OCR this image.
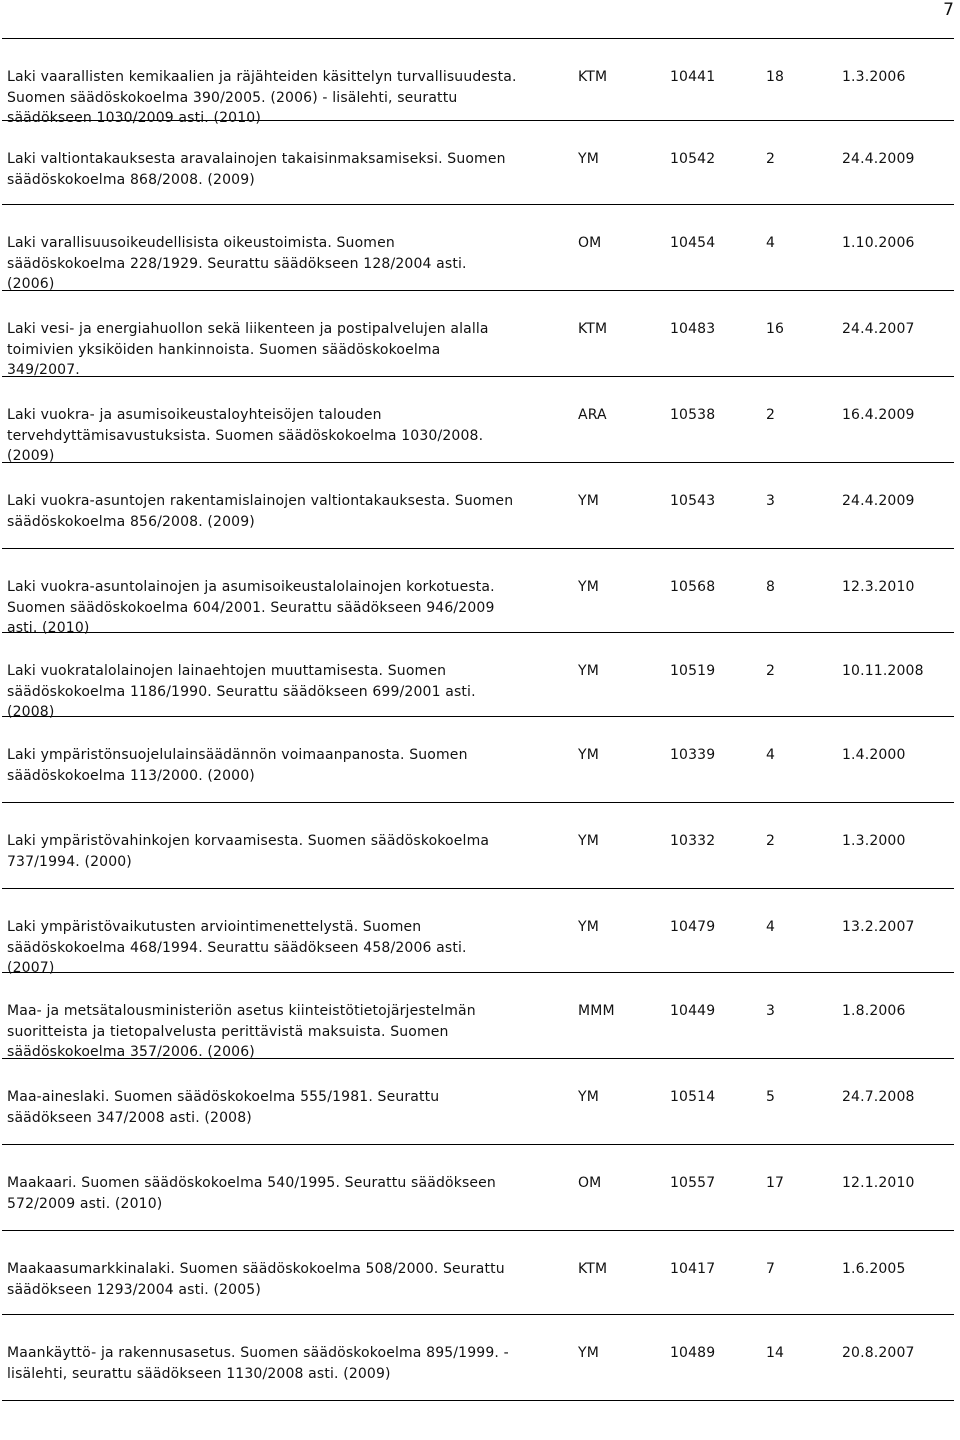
7
Laki vaarallisten kemikaalien ja räjähteiden käsittelyn turvallisuudesta.
Suomen säädöskokoelma 390/2005. (2006) - lisälehti, seurattu
säädökseen 1030/2009 asti. (2010)
KTM	10441	18	1.3.2006
Laki valtiontakauksesta aravalainojen takaisinmaksamiseksi. Suomen
säädöskokoelma 868/2008. (2009)
YM	10542	2	24.4.2009
Laki varallisuusoikeudellisista oikeustoimista. Suomen
säädöskokoelma 228/1929. Seurattu säädökseen 128/2004 asti.
(2006)
OM	10454	4	1.10.2006
Laki vesi- ja energiahuollon sekä liikenteen ja postipalvelujen alalla
toimivien yksiköiden hankinnoista. Suomen säädöskokoelma
349/2007.
KTM	10483	16	24.4.2007
Laki vuokra- ja asumisoikeustaloyhteisöjen talouden
tervehdyttämisavustuksista. Suomen säädöskokoelma 1030/2008.
(2009)
ARA	10538	2	16.4.2009
Laki vuokra-asuntojen rakentamislainojen valtiontakauksesta. Suomen
säädöskokoelma 856/2008. (2009)
YM	10543	3	24.4.2009
Laki vuokra-asuntolainojen ja asumisoikeustalolainojen korkotuesta.
Suomen säädöskokoelma 604/2001. Seurattu säädökseen 946/2009
asti. (2010)
YM	10568	8	12.3.2010
Laki vuokratalolainojen lainaehtojen muuttamisesta. Suomen
säädöskokoelma 1186/1990. Seurattu säädökseen 699/2001 asti.
(2008)
YM	10519	2	10.11.2008
Laki ympäristönsuojelulainsäädännön voimaanpanosta. Suomen
säädöskokoelma 113/2000. (2000)
YM	10339	4	1.4.2000
Laki ympäristövahinkojen korvaamisesta. Suomen säädöskokoelma
737/1994. (2000)
YM	10332	2	1.3.2000
Laki ympäristövaikutusten arviointimenettelystä. Suomen
säädöskokoelma 468/1994. Seurattu säädökseen 458/2006 asti.
(2007)
YM	10479	4	13.2.2007
Maa- ja metsätalousministeriön asetus kiinteistötietojärjestelmän
suoritteista ja tietopalvelusta perittävistä maksuista. Suomen
säädöskokoelma 357/2006. (2006)
MMM	10449	3	1.8.2006
Maa-aineslaki. Suomen säädöskokoelma 555/1981. Seurattu
säädökseen 347/2008 asti. (2008)
YM	10514	5	24.7.2008
Maakaari. Suomen säädöskokoelma 540/1995. Seurattu säädökseen
572/2009 asti. (2010)
OM	10557	17	12.1.2010
Maakaasumarkkinalaki. Suomen säädöskokoelma 508/2000. Seurattu
säädökseen 1293/2004 asti. (2005)
KTM	10417	7	1.6.2005
Maankäyttö- ja rakennusasetus. Suomen säädöskokoelma 895/1999. -
lisälehti, seurattu säädökseen 1130/2008 asti. (2009)
YM	10489	14	20.8.2007
